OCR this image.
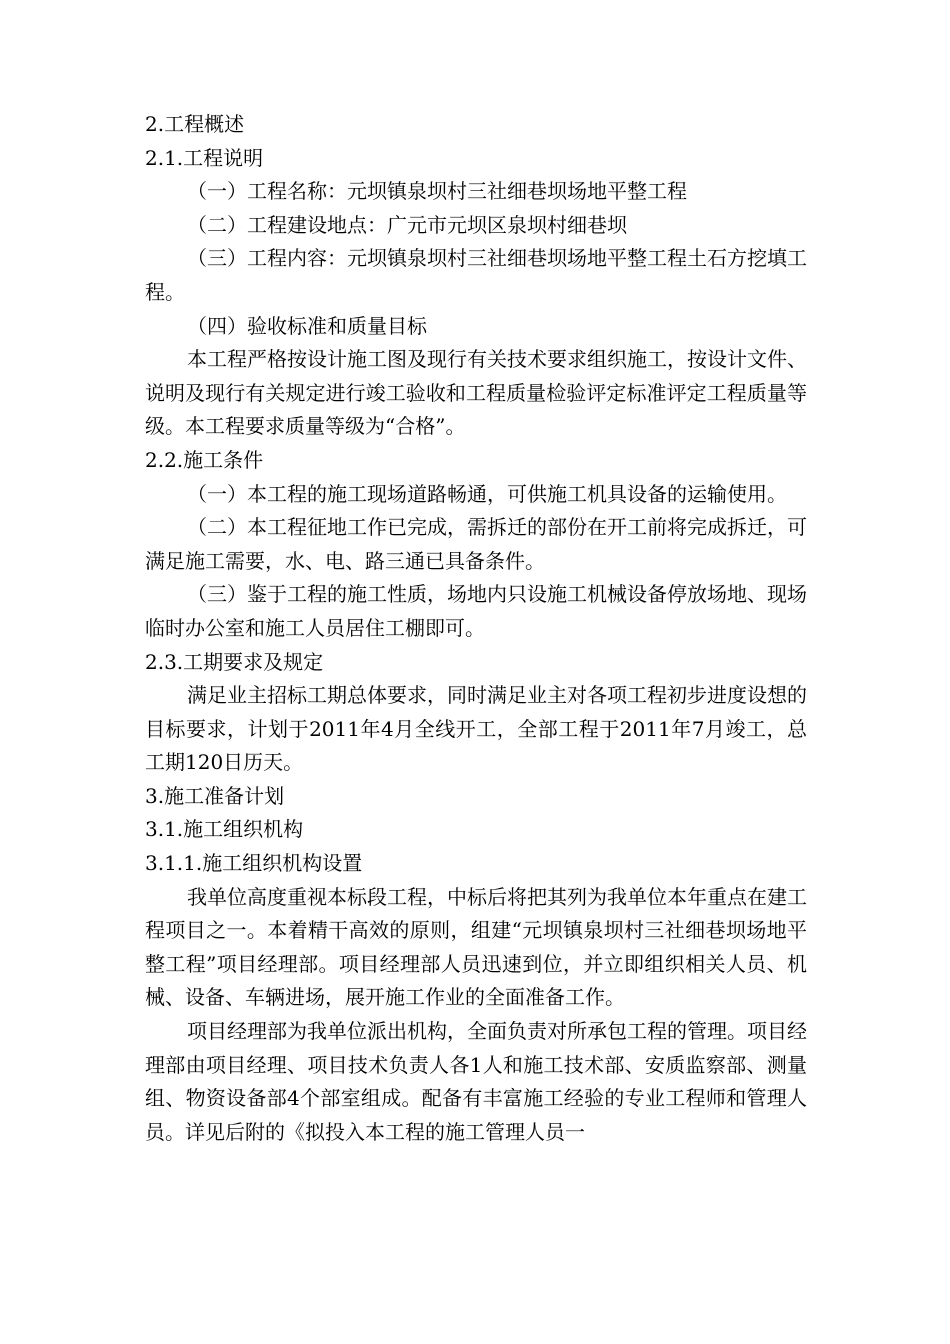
2.工程概述

2.1.工程说明

（一）工程名称：元坝镇泉坝村三社细巷坝场地平整工程

（二）工程建设地点：广元市元坝区泉坝村细巷坝

（三）工程内容：元坝镇泉坝村三社细巷坝场地平整工程土石方挖填工程。

（四）验收标准和质量目标

本工程严格按设计施工图及现行有关技术要求组织施工，按设计文件、说明及现行有关规定进行竣工验收和工程质量检验评定标准评定工程质量等级。本工程要求质量等级为“合格”。

2.2.施工条件

（一）本工程的施工现场道路畅通，可供施工机具设备的运输使用。

（二）本工程征地工作已完成，需拆迁的部份在开工前将完成拆迁，可满足施工需要，水、电、路三通已具备条件。

（三）鉴于工程的施工性质，场地内只设施工机械设备停放场地、现场临时办公室和施工人员居住工棚即可。

2.3.工期要求及规定

满足业主招标工期总体要求，同时满足业主对各项工程初步进度设想的目标要求，计划于2011年4月全线开工，全部工程于2011年7月竣工，总工期120日历天。

3.施工准备计划

3.1.施工组织机构

3.1.1.施工组织机构设置

我单位高度重视本标段工程，中标后将把其列为我单位本年重点在建工程项目之一。本着精干高效的原则，组建“元坝镇泉坝村三社细巷坝场地平整工程”项目经理部。项目经理部人员迅速到位，并立即组织相关人员、机械、设备、车辆进场，展开施工作业的全面准备工作。

项目经理部为我单位派出机构，全面负责对所承包工程的管理。项目经理部由项目经理、项目技术负责人各1人和施工技术部、安质监察部、测量组、物资设备部4个部室组成。配备有丰富施工经验的专业工程师和管理人员。详见后附的《拟投入本工程的施工管理人员一
